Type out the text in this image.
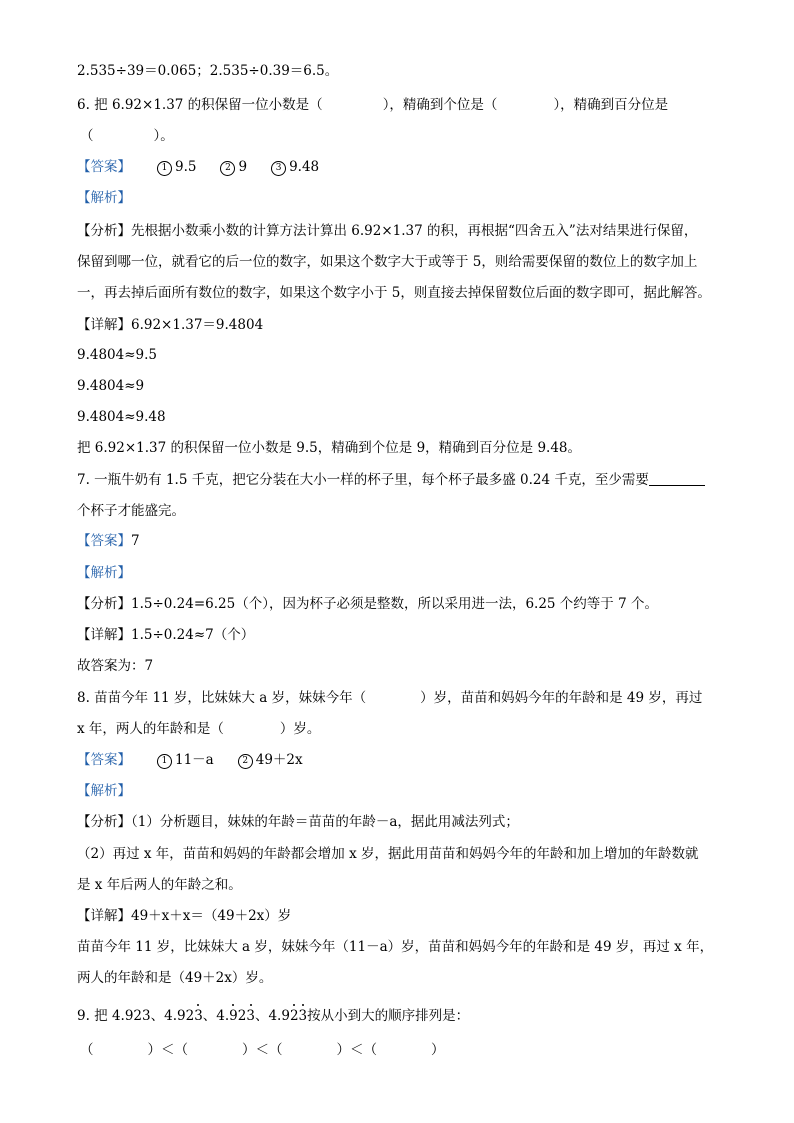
2.535÷39＝0.065；2.535÷0.39＝6.5。
6. 把 6.92×1.37 的积保留一位小数是（	），精确到个位是（	），精确到百分位是
（	）。
【答案】	1 9.5	2 9	3 9.48
【解析】
【分析】先根据小数乘小数的计算方法计算出 6.92×1.37 的积，再根据“四舍五入”法对结果进行保留，
保留到哪一位，就看它的后一位的数字，如果这个数字大于或等于 5，则给需要保留的数位上的数字加上
一，再去掉后面所有数位的数字，如果这个数字小于 5，则直接去掉保留数位后面的数字即可，据此解答。
【详解】6.92×1.37＝9.4804
9.4804≈9.5
9.4804≈9
9.4804≈9.48
把 6.92×1.37 的积保留一位小数是 9.5，精确到个位是 9，精确到百分位是 9.48。
7. 一瓶牛奶有 1.5 千克，把它分装在大小一样的杯子里，每个杯子最多盛 0.24 千克，至少需要
个杯子才能盛完。
【答案】7
【解析】
【分析】1.5÷0.24=6.25（个），因为杯子必须是整数，所以采用进一法，6.25 个约等于 7 个。
【详解】1.5÷0.24≈7（个）
故答案为：7
8. 苗苗今年 11 岁，比妹妹大 a 岁，妹妹今年（	）岁，苗苗和妈妈今年的年龄和是 49 岁，再过
x 年，两人的年龄和是（	）岁。
【答案】	1 11－a	2 49＋2x
【解析】
【分析】（1）分析题目，妹妹的年龄＝苗苗的年龄－a，据此用减法列式；
（2）再过 x 年，苗苗和妈妈的年龄都会增加 x 岁，据此用苗苗和妈妈今年的年龄和加上增加的年龄数就
是 x 年后两人的年龄之和。
【详解】49＋x＋x＝（49＋2x）岁
苗苗今年 11 岁，比妹妹大 a 岁，妹妹今年（11－a）岁，苗苗和妈妈今年的年龄和是 49 岁，再过 x 年，
两人的年龄和是（49＋2x）岁。
9. 把 4.923、4.92
3、4.
92
3、4.9
2
3按从小到大的顺序排列是：
（　　　　）＜（　　　　）＜（　　　　）＜（　　　　）
